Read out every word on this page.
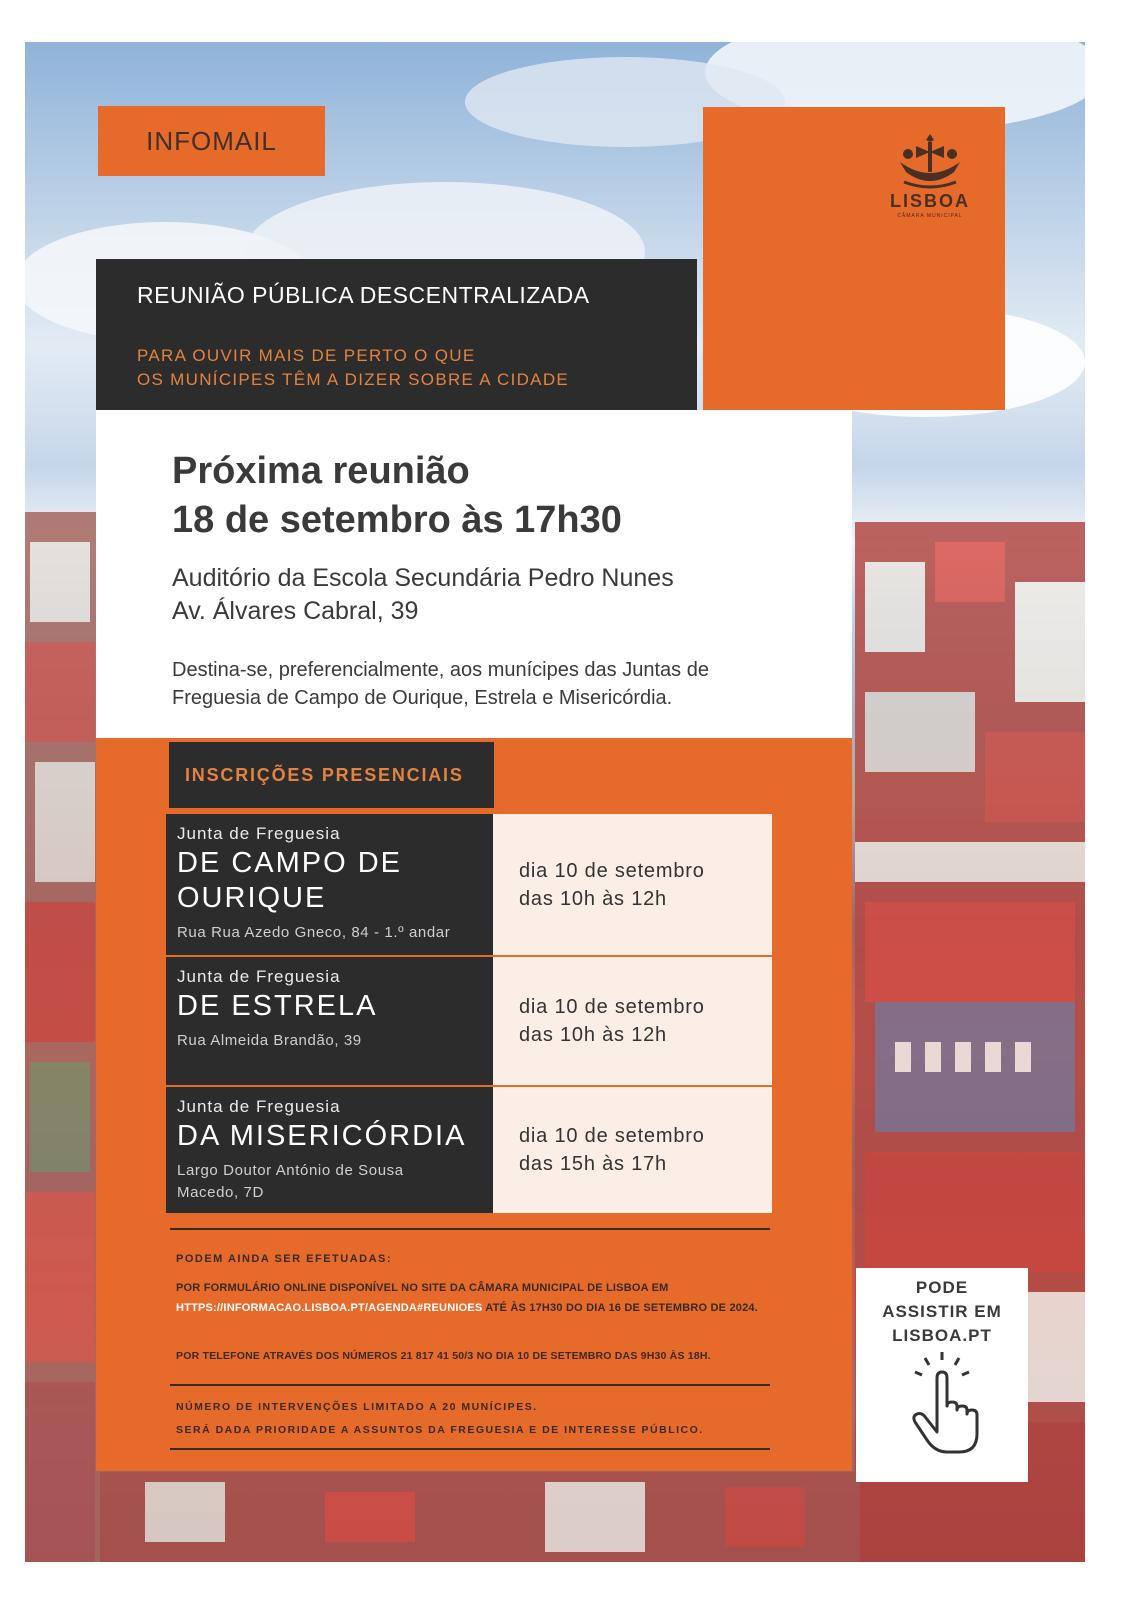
INFOMAIL
LISBOA
CÂMARA MUNICIPAL
REUNIÃO PÚBLICA DESCENTRALIZADA
PARA OUVIR MAIS DE PERTO O QUE
OS MUNÍCIPES TÊM A DIZER SOBRE A CIDADE
Próxima reunião
18 de setembro às 17h30
Auditório da Escola Secundária Pedro Nunes
Av. Álvares Cabral, 39
Destina-se, preferencialmente, aos munícipes das Juntas de
Freguesia de Campo de Ourique, Estrela e Misericórdia.
INSCRIÇÕES PRESENCIAIS
Junta de Freguesia
DE CAMPO DE
OURIQUE
Rua Rua Azedo Gneco, 84 - 1.º andar
dia 10 de setembro
das 10h às 12h
Junta de Freguesia
DE ESTRELA
Rua Almeida Brandão, 39
dia 10 de setembro
das 10h às 12h
Junta de Freguesia
DA MISERICÓRDIA
Largo Doutor António de Sousa
Macedo, 7D
dia 10 de setembro
das 15h às 17h
PODEM AINDA SER EFETUADAS:
POR FORMULÁRIO ONLINE DISPONÍVEL NO SITE DA CÂMARA MUNICIPAL DE LISBOA EM HTTPS://INFORMACAO.LISBOA.PT/AGENDA#REUNIOES ATÉ ÀS 17H30 DO DIA 16 DE SETEMBRO DE 2024.
POR TELEFONE ATRAVÉS DOS NÚMEROS 21 817 41 50/3 NO DIA 10 DE SETEMBRO DAS 9H30 ÀS 18H.
NÚMERO DE INTERVENÇÕES LIMITADO A 20 MUNÍCIPES.
SERÁ DADA PRIORIDADE A ASSUNTOS DA FREGUESIA E DE INTERESSE PÚBLICO.
PODE
ASSISTIR EM
LISBOA.PT
